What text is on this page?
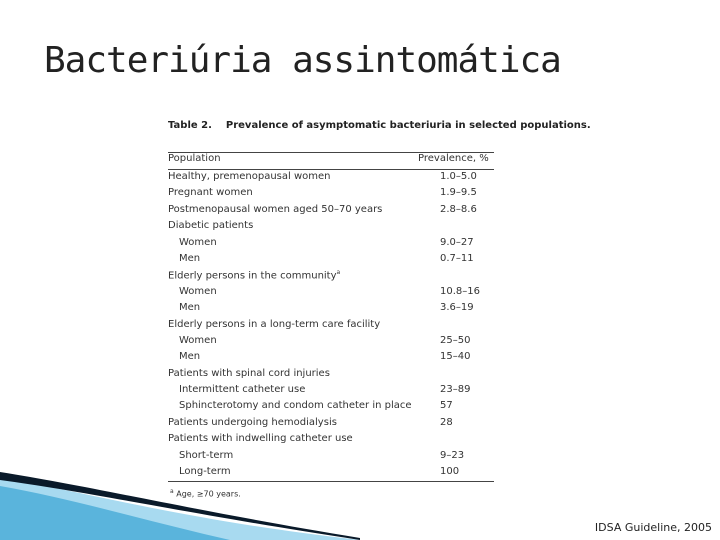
Bacteriúria assintomática
Table 2. Prevalence of asymptomatic bacteriuria in selected populations.
Population	Prevalence, %
Healthy, premenopausal women	1.0–5.0
Pregnant women	1.9–9.5
Postmenopausal women aged 50–70 years	2.8–8.6
Diabetic patients
Women	9.0–27
Men	0.7–11
Elderly persons in the community$^a$
Women	10.8–16
Men	3.6–19
Elderly persons in a long-term care facility
Women	25–50
Men	15–40
Patients with spinal cord injuries
Intermittent catheter use	23–89
Sphincterotomy and condom catheter in place	57
Patients undergoing hemodialysis	28
Patients with indwelling catheter use
Short-term	9–23
Long-term	100
$^a$ Age, ≥70 years.
IDSA Guideline, 2005
